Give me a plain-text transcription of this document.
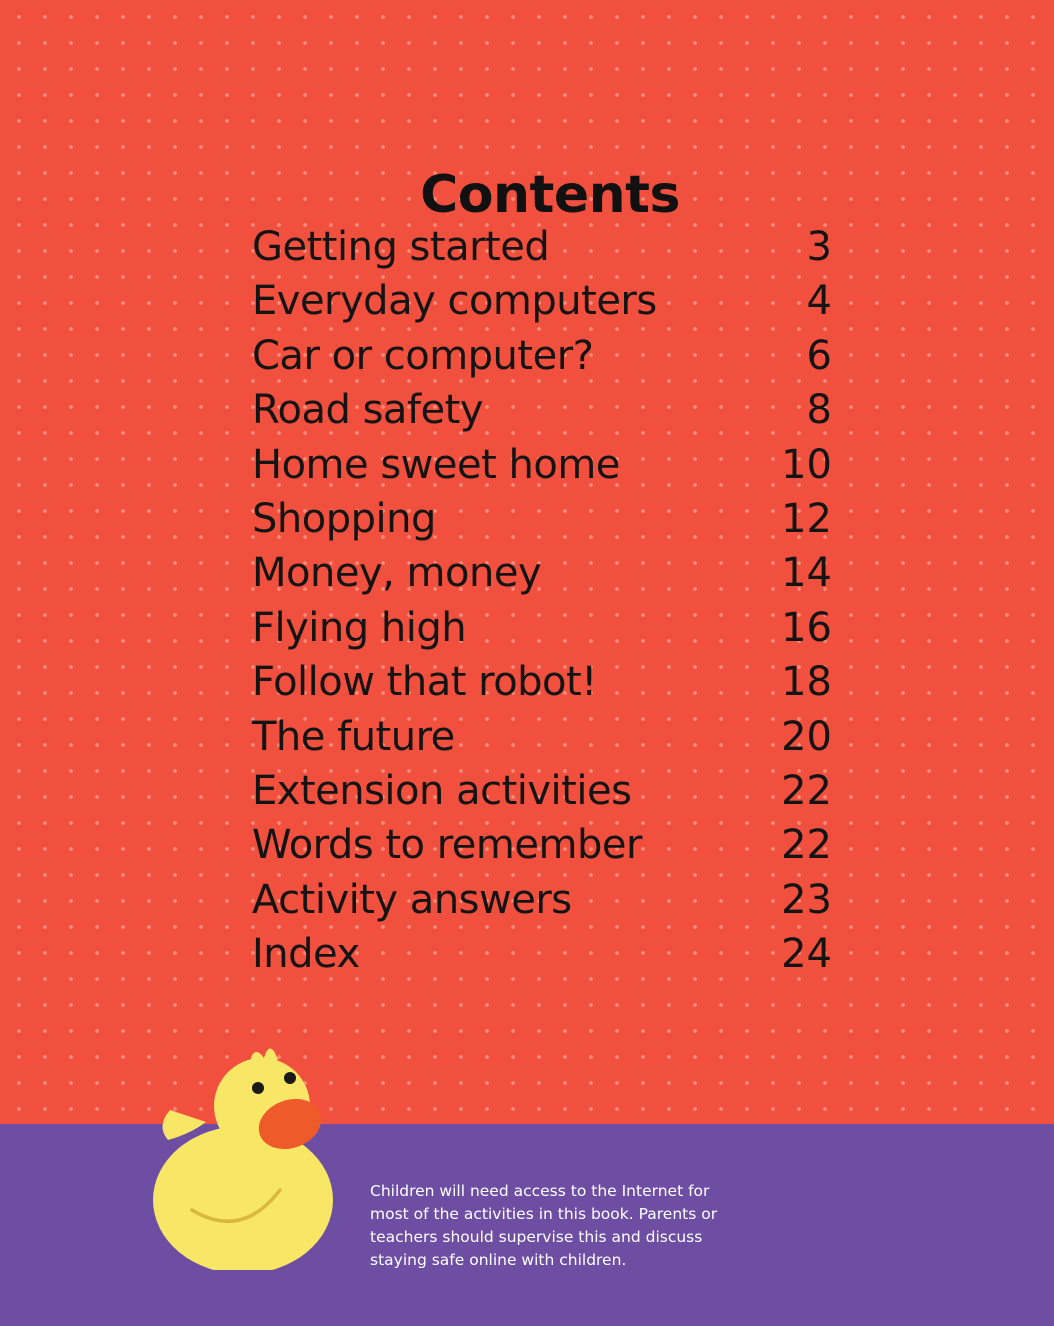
Contents
Getting started	3
Everyday computers	4
Car or computer?	6
Road safety	8
Home sweet home	10
Shopping	12
Money, money	14
Flying high	16
Follow that robot!	18
The future	20
Extension activities	22
Words to remember	22
Activity answers	23
Index	24

Children will need access to the Internet for most of the activities in this book. Parents or teachers should supervise this and discuss staying safe online with children.
